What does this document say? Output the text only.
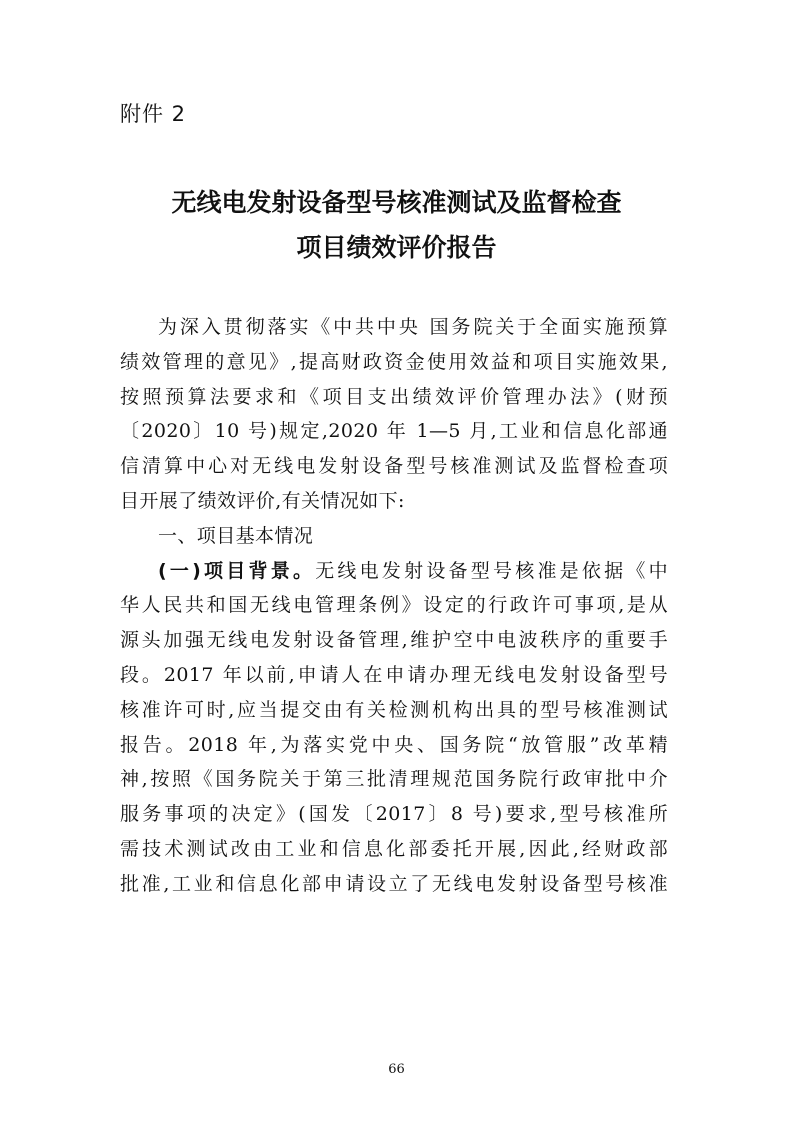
附件 2
无线电发射设备型号核准测试及监督检查
项目绩效评价报告
为深入贯彻落实《中共中央 国务院关于全面实施预算
绩效管理的意见》,提高财政资金使用效益和项目实施效果,
按照预算法要求和《项目支出绩效评价管理办法》(财预
〔2020〕10 号)规定,2020 年 1—5 月,工业和信息化部通
信清算中心对无线电发射设备型号核准测试及监督检查项
目开展了绩效评价,有关情况如下:
一、项目基本情况
(一)项目背景。无线电发射设备型号核准是依据《中
华人民共和国无线电管理条例》设定的行政许可事项,是从
源头加强无线电发射设备管理,维护空中电波秩序的重要手
段。2017 年以前,申请人在申请办理无线电发射设备型号
核准许可时,应当提交由有关检测机构出具的型号核准测试
报告。2018 年,为落实党中央、国务院“放管服”改革精
神,按照《国务院关于第三批清理规范国务院行政审批中介
服务事项的决定》(国发〔2017〕8 号)要求,型号核准所
需技术测试改由工业和信息化部委托开展,因此,经财政部
批准,工业和信息化部申请设立了无线电发射设备型号核准
66
